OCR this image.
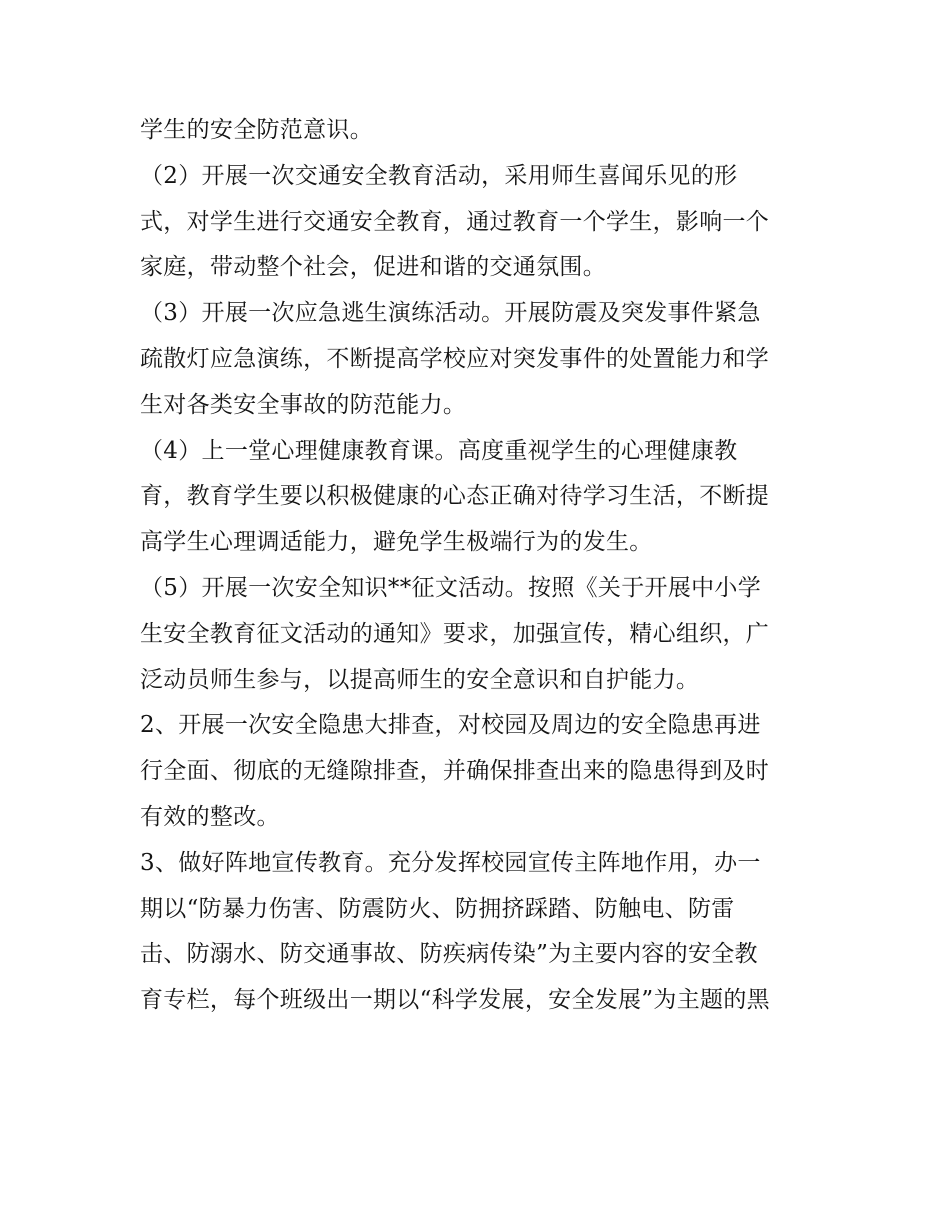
学生的安全防范意识。
（2）开展一次交通安全教育活动，采用师生喜闻乐见的形
式，对学生进行交通安全教育，通过教育一个学生，影响一个
家庭，带动整个社会，促进和谐的交通氛围。
（3）开展一次应急逃生演练活动。开展防震及突发事件紧急
疏散灯应急演练，不断提高学校应对突发事件的处置能力和学
生对各类安全事故的防范能力。
（4）上一堂心理健康教育课。高度重视学生的心理健康教
育，教育学生要以积极健康的心态正确对待学习生活，不断提
高学生心理调适能力，避免学生极端行为的发生。
（5）开展一次安全知识**征文活动。按照《关于开展中小学
生安全教育征文活动的通知》要求，加强宣传，精心组织，广
泛动员师生参与，以提高师生的安全意识和自护能力。
2、开展一次安全隐患大排查，对校园及周边的安全隐患再进
行全面、彻底的无缝隙排查，并确保排查出来的隐患得到及时
有效的整改。
3、做好阵地宣传教育。充分发挥校园宣传主阵地作用，办一
期以“防暴力伤害、防震防火、防拥挤踩踏、防触电、防雷
击、防溺水、防交通事故、防疾病传染”为主要内容的安全教
育专栏，每个班级出一期以“科学发展，安全发展”为主题的黑
